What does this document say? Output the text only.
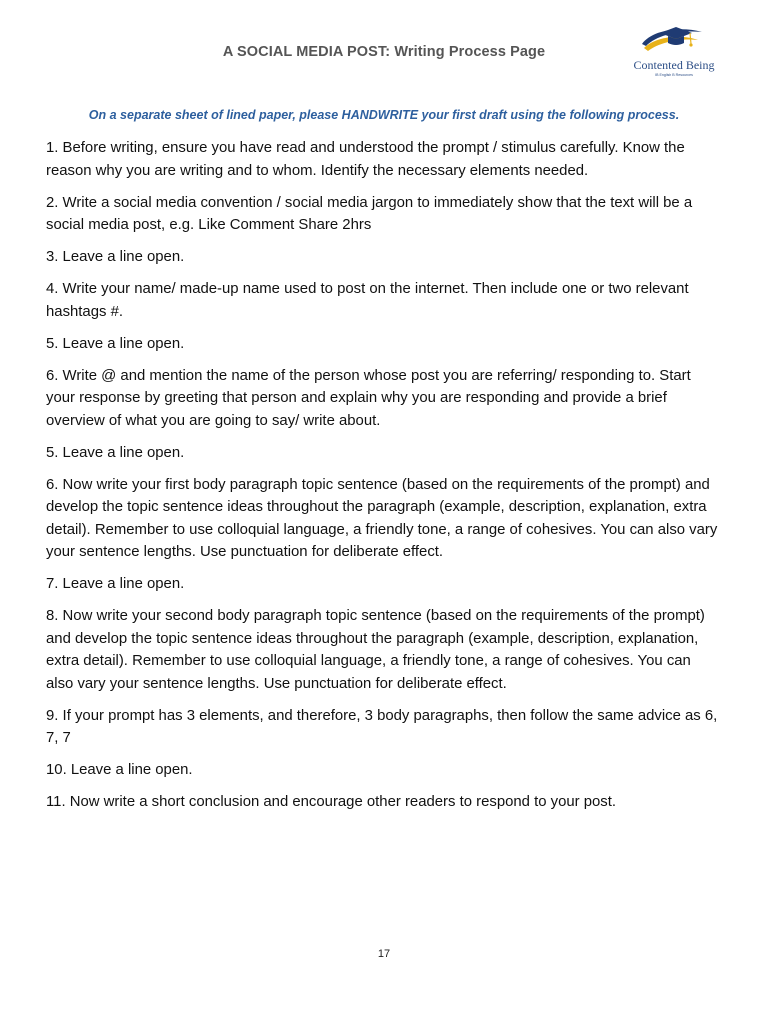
A SOCIAL MEDIA POST: Writing Process Page
Contented Being
IB English B Resources
On a separate sheet of lined paper, please HANDWRITE your first draft using the following process.
1. Before writing, ensure you have read and understood the prompt / stimulus carefully. Know the reason why you are writing and to whom. Identify the necessary elements needed.
2. Write a social media convention / social media jargon to immediately show that the text will be a social media post, e.g. Like Comment Share 2hrs
3. Leave a line open.
4. Write your name/ made-up name used to post on the internet. Then include one or two relevant hashtags #.
5. Leave a line open.
6. Write @ and mention the name of the person whose post you are referring/ responding to. Start your response by greeting that person and explain why you are responding and provide a brief overview of what you are going to say/ write about.
5. Leave a line open.
6. Now write your first body paragraph topic sentence (based on the requirements of the prompt) and develop the topic sentence ideas throughout the paragraph (example, description, explanation, extra detail). Remember to use colloquial language, a friendly tone, a range of cohesives. You can also vary your sentence lengths. Use punctuation for deliberate effect.
7. Leave a line open.
8. Now write your second body paragraph topic sentence (based on the requirements of the prompt) and develop the topic sentence ideas throughout the paragraph (example, description, explanation, extra detail). Remember to use colloquial language, a friendly tone, a range of cohesives. You can also vary your sentence lengths. Use punctuation for deliberate effect.
9. If your prompt has 3 elements, and therefore, 3 body paragraphs, then follow the same advice as 6, 7, 7
10. Leave a line open.
11. Now write a short conclusion and encourage other readers to respond to your post.
17
